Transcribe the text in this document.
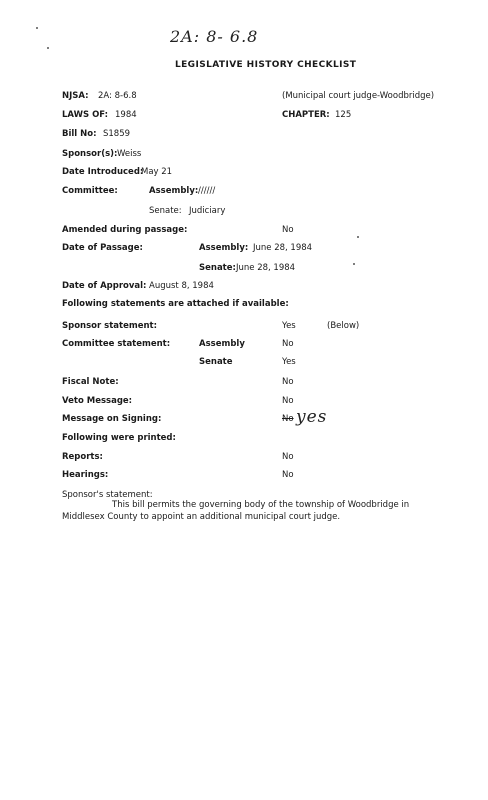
2A: 8- 6.8
LEGISLATIVE HISTORY CHECKLIST
NJSA: 2A: 8-6.8	(Municipal court judge-Woodbridge)
LAWS OF: 1984	CHAPTER: 125
Bill No: S1859
Sponsor(s): Weiss
Date Introduced:
May 21
Committee:	Assembly: //////
Senate: Judiciary
Amended during passage:	No
Date of Passage:	Assembly: June 28, 1984
Senate: June 28, 1984
Date of Approval: August 8, 1984
Following statements are attached if available:
Sponsor statement:	Yes	(Below)
Committee statement:	Assembly	No
Senate	Yes
Fiscal Note:	No
Veto Message:	No
Message on Signing:	No yes
Following were printed:
Reports:	No
Hearings:	No
Sponsor's statement:
This bill permits the governing body of the township of Woodbridge in Middlesex County to appoint an additional municipal court judge.
